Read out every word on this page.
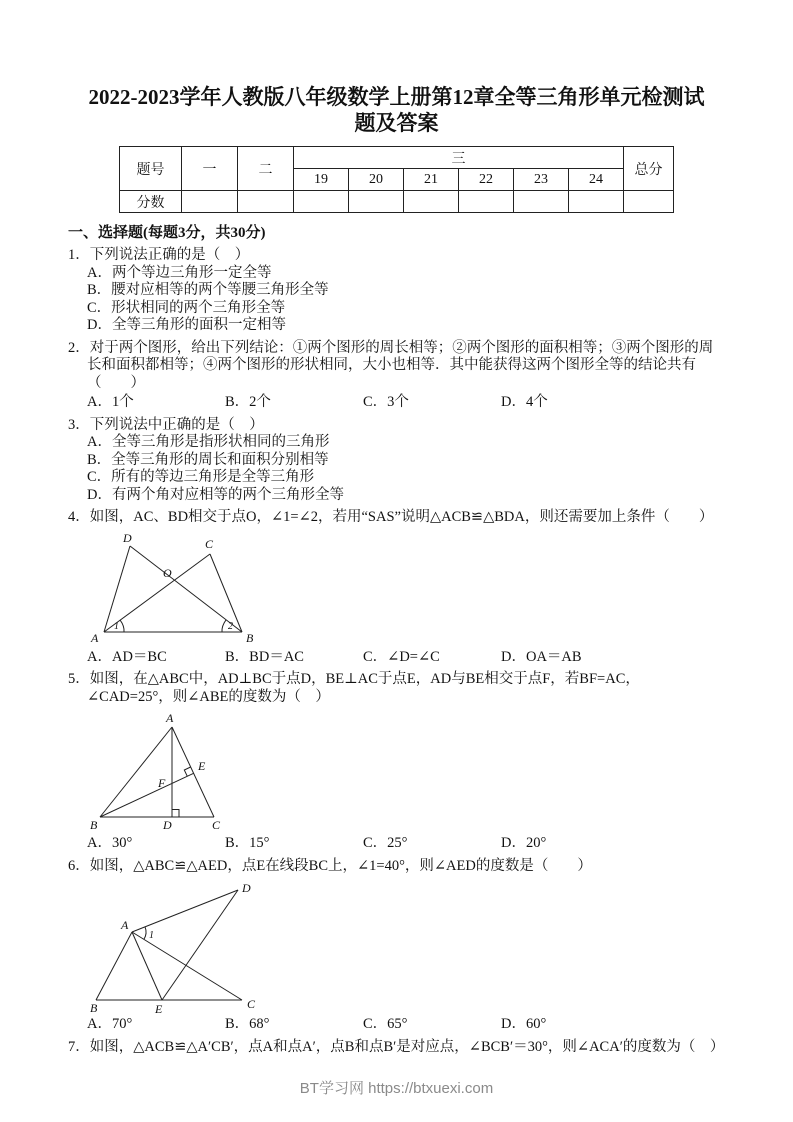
2022-2023学年人教版八年级数学上册第12章全等三角形单元检测试
题及答案
题号	一	二	三						总分
			19	20	21	22	23	24	
分数									
一、选择题(每题3分，共30分)
1．下列说法正确的是（　）
A．两个等边三角形一定全等
B．腰对应相等的两个等腰三角形全等
C．形状相同的两个三角形全等
D．全等三角形的面积一定相等
2．对于两个图形，给出下列结论：①两个图形的周长相等；②两个图形的面积相等；③两个图形的周长和面积都相等；④两个图形的形状相同，大小也相等．其中能获得这两个图形全等的结论共有（　　）
A．1个	B．2个	C．3个	D．4个
3．下列说法中正确的是（　）
A．全等三角形是指形状相同的三角形
B．全等三角形的周长和面积分别相等
C．所有的等边三角形是全等三角形
D．有两个角对应相等的两个三角形全等
4．如图，AC、BD相交于点O，∠1=∠2，若用“SAS”说明△ACB≌△BDA，则还需要加上条件（　　）
A
D	C
O
B
1	2
A．AD＝BC	B．BD＝AC	C．∠D=∠C	D．OA＝AB
5．如图，在△ABC中，AD⊥BC于点D，BE⊥AC于点E，AD与BE相交于点F，若BF=AC，∠CAD=25°，则∠ABE的度数为（　）
A
B	C
D
E
F
A．30°	B．15°	C．25°	D．20°
6．如图，△ABC≌△AED，点E在线段BC上，∠1=40°，则∠AED的度数是（　　）
A
D
B	E	C
1
A．70°	B．68°	C．65°	D．60°
7．如图，△ACB≌△A′CB′，点A和点A′，点B和点B′是对应点，∠BCB′＝30°，则∠ACA′的度数为（　）
BT学习网 https://btxuexi.com
